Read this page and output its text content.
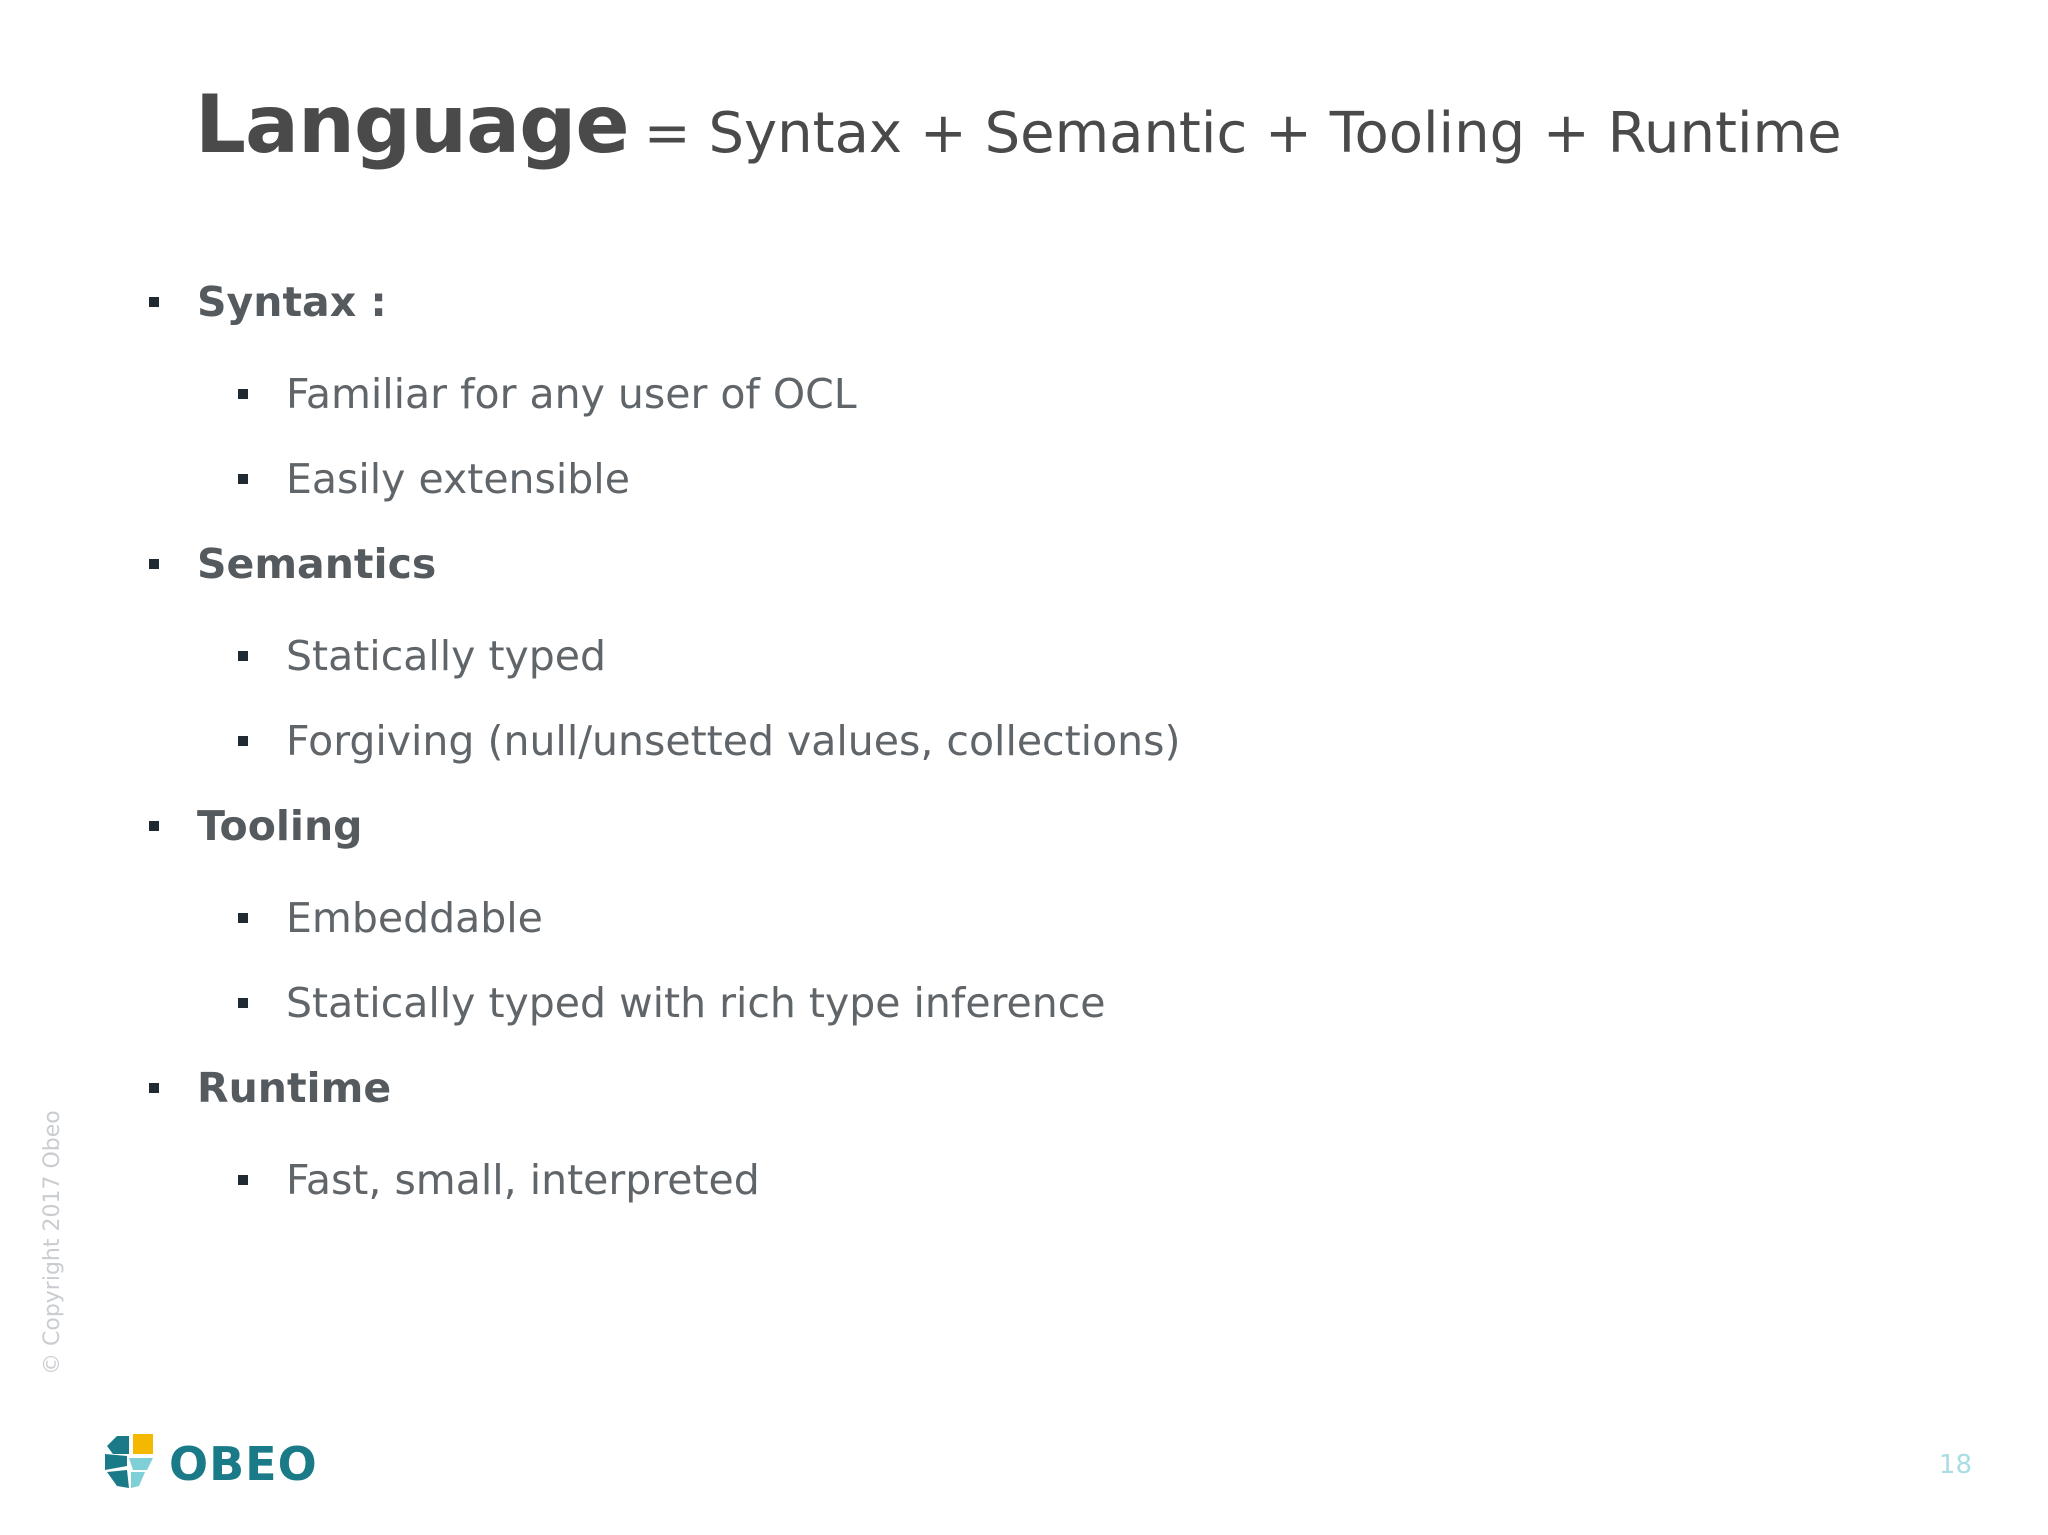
Language = Syntax + Semantic + Tooling + Runtime
Syntax :
Familiar for any user of OCL
Easily extensible
Semantics
Statically typed
Forgiving (null/unsetted values, collections)
Tooling
Embeddable
Statically typed with rich type inference
Runtime
Fast, small, interpreted
© Copyright 2017 Obeo
OBEO	18
